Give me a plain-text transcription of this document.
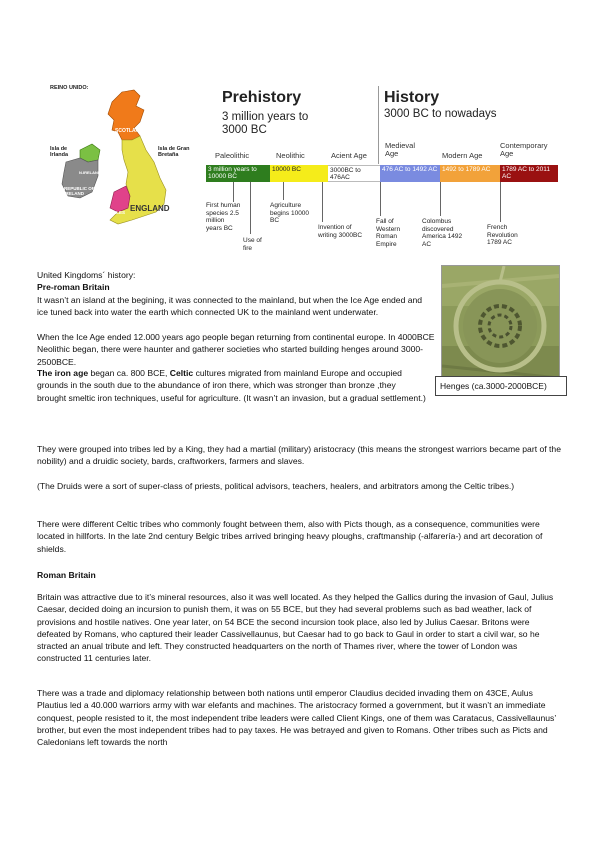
REINO UNIDO:
Isla de Irlanda
Isla de Gran Bretaña
SCOTLAND
N.IRELAND
REPUBLIC OF IRELAND
ENGLAND
WALES
Prehistory
3 million years to 3000 BC
History
3000 BC to nowadays
Paleolithic	Neolithic	Acient Age
Medieval Age	Modern Age
Contemporary Age
3 million years to 10000 BC
10000 BC	3000BC to 476AC
476 AC to 1492 AC 1492 to 1789 AC	1789 AC to 2011 AC
First human species 2.5 million years BC
Use of fire
Agriculture begins 10000 BC
Invention of writing 3000BC
Fall of Western Roman Empire
Colombus discovered America 1492 AC
French Revolution 1789 AC
Henges (ca.3000-2000BCE)

United Kingdoms´ history:

Pre-roman Britain

It wasn’t an island at the begining, it was connected to the mainland, but when the Ice Age ended and ice tuned back into water the earth which connected UK to the mainland went underwater.

When the Ice Age ended 12.000 years ago people began returning from continental europe. In 4000BCE Neolithic began, there were haunter and gatherer societies who started building henges around 3000-2500BCE.

The iron age began ca. 800 BCE, Celtic cultures migrated from mainland Europe and occupied grounds in the south due to the abundance of iron there, which was stronger than bronze ,they brought smeltic iron techniques, useful for agriculture. (It wasn’t an invasion, but a gradual settlement.)

They were grouped into tribes led by a King, they had a martial (military) aristocracy (this means the strongest warriors became part of the nobility) and a druidic society, bards, craftworkers, farmers and slaves.

(The Druids were a sort of super-class of priests, political advisors, teachers, healers, and arbitrators among the Celtic tribes.)

There were different Celtic tribes who commonly fought between them, also with Picts though, as a consequence, communities were located in hillforts. In the late 2nd century Belgic tribes arrived bringing heavy ploughs, craftmanship (-alfarería-) and art decoration of shields.

Roman Britain

Britain was attractive due to it’s mineral resources, also it was well located. As they helped the Gallics during the invasion of Gaul, Julius Caesar, decided doing an incursion to punish them, it was on 55 BCE, but they had several problems such as bad weather, lack of provisions and hostile natives. One year later, on 54 BCE the second incursion took place, also led by Julius Caesar. Britons were defeated by Romans, who captured their leader Cassivellaunus, but Caesar had to go back to Gaul in order to start a civil war, so he stracted an anual tribute and left. They constructed headquarters on the north of Thames river, where the tower of London was constructed 11 centuries later.

There was a trade and diplomacy relationship between both nations until emperor Claudius decided invading them on 43CE, Aulus Plautius led a 40.000 warriors army with war elefants and machines. The aristocracy formed a government, but it wasn’t an immediate conquest, people resisted to it, the most independent tribe leaders were called Client Kings, one of them was Caratacus, Cassivellaunus’ brother, but even the most independent tribes had to pay taxes. He was betrayed and given to Romans. Other tribes such as Picts and Caledonians left towards the north
